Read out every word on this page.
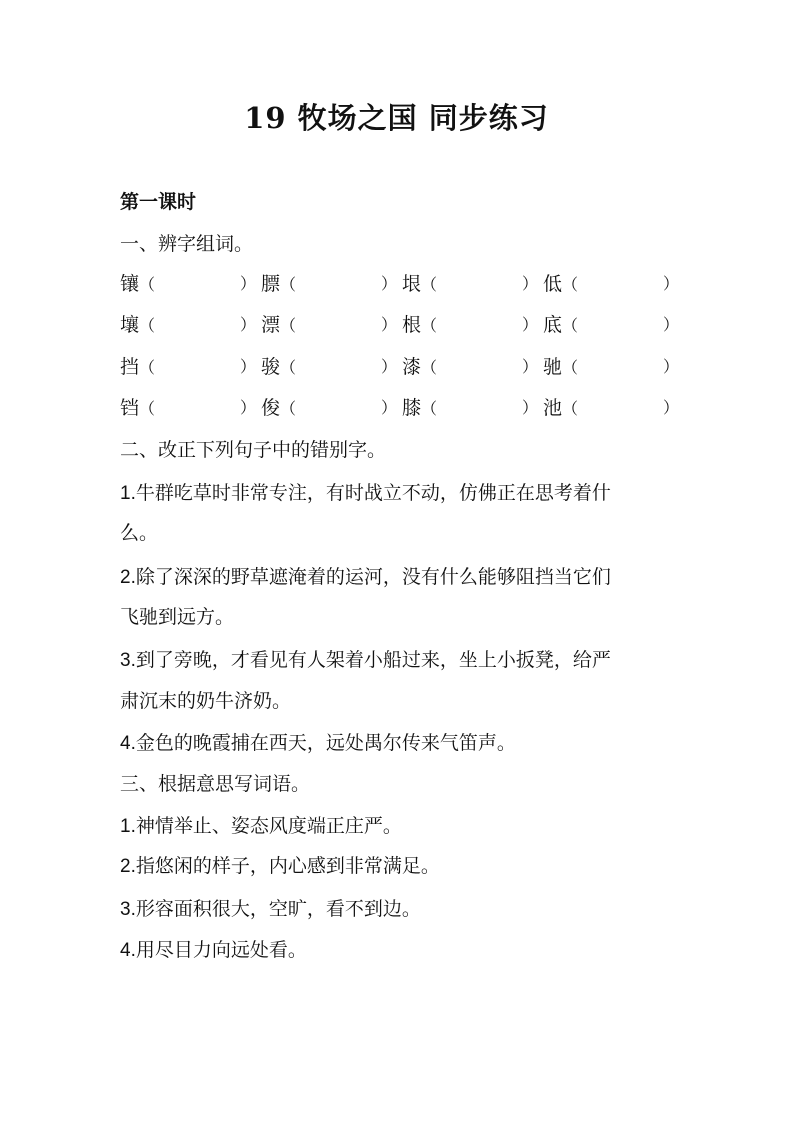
19 牧场之国 同步练习
第一课时
一、辨字组词。
镶（	） 膘（	） 垠（	） 低（	）
壤（	） 漂（	） 根（	） 底（	）
挡（	） 骏（	） 漆（	） 驰（	）
铛（	） 俊（	） 膝（	） 池（	）
二、改正下列句子中的错别字。
1.牛群吃草时非常专注，有时战立不动，仿佛正在思考着什
么。
2.除了深深的野草遮淹着的运河，没有什么能够阻挡当它们
飞驰到远方。
3.到了旁晚，才看见有人架着小船过来，坐上小扳凳，给严
肃沉末的奶牛济奶。
4.金色的晚霞捕在西天，远处禺尔传来气笛声。
三、根据意思写词语。
1.神情举止、姿态风度端正庄严。
2.指悠闲的样子，内心感到非常满足。
3.形容面积很大，空旷，看不到边。
4.用尽目力向远处看。
